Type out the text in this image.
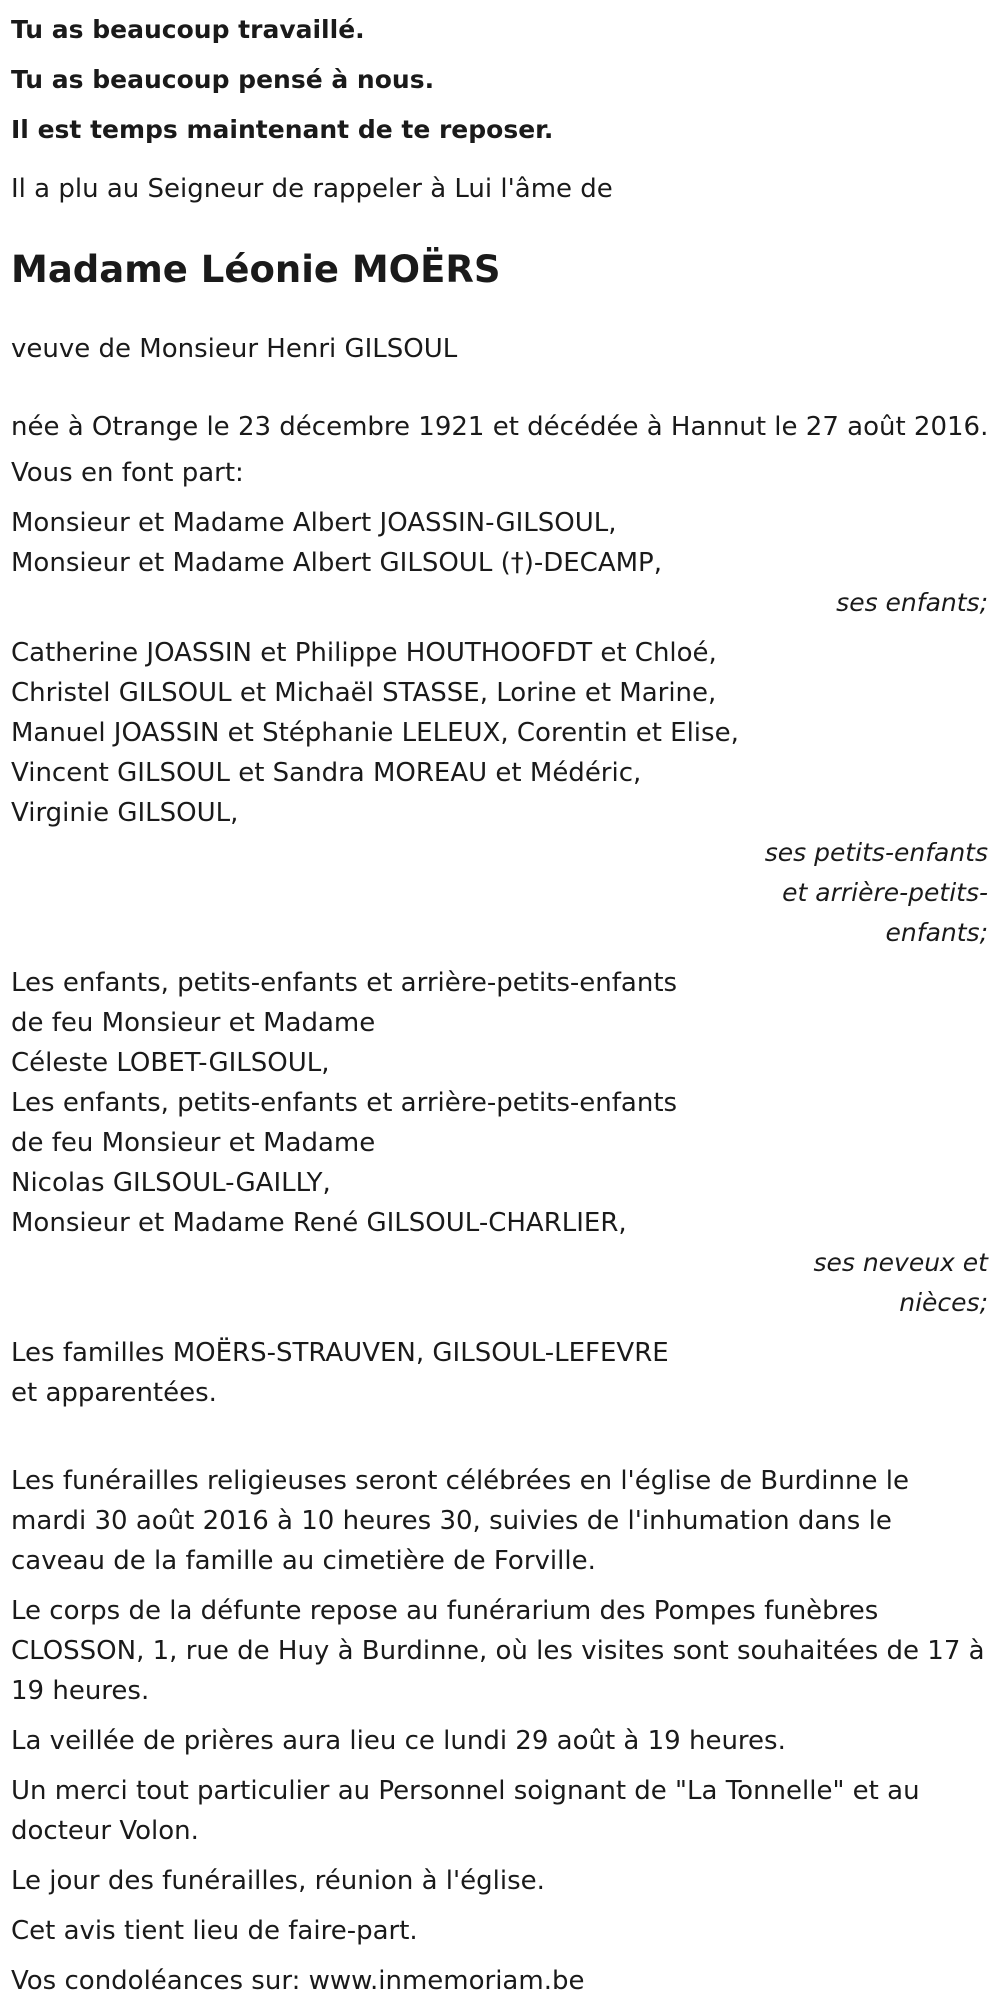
Tu as beaucoup travaillé.
Tu as beaucoup pensé à nous.
Il est temps maintenant de te reposer.
Il a plu au Seigneur de rappeler à Lui l'âme de
Madame Léonie MOËRS
veuve de Monsieur Henri GILSOUL
née à Otrange le 23 décembre 1921 et décédée à Hannut le 27 août 2016.
Vous en font part:
Monsieur et Madame Albert JOASSIN-GILSOUL,
Monsieur et Madame Albert GILSOUL (†)-DECAMP,
ses enfants;
Catherine JOASSIN et Philippe HOUTHOOFDT et Chloé,
Christel GILSOUL et Michaël STASSE, Lorine et Marine,
Manuel JOASSIN et Stéphanie LELEUX, Corentin et Elise,
Vincent GILSOUL et Sandra MOREAU et Médéric,
Virginie GILSOUL,
ses petits-enfants
et arrière-petits-
enfants;
Les enfants, petits-enfants et arrière-petits-enfants
de feu Monsieur et Madame
Céleste LOBET-GILSOUL,
Les enfants, petits-enfants et arrière-petits-enfants
de feu Monsieur et Madame
Nicolas GILSOUL-GAILLY,
Monsieur et Madame René GILSOUL-CHARLIER,
ses neveux et
nièces;
Les familles MOËRS-STRAUVEN, GILSOUL-LEFEVRE
et apparentées.
Les funérailles religieuses seront célébrées en l'église de Burdinne le mardi 30 août 2016 à 10 heures 30, suivies de l'inhumation dans le caveau de la famille au cimetière de Forville.
Le corps de la défunte repose au funérarium des Pompes funèbres CLOSSON, 1, rue de Huy à Burdinne, où les visites sont souhaitées de 17 à 19 heures.
La veillée de prières aura lieu ce lundi 29 août à 19 heures.
Un merci tout particulier au Personnel soignant de "La Tonnelle" et au docteur Volon.
Le jour des funérailles, réunion à l'église.
Cet avis tient lieu de faire-part.
Vos condoléances sur: www.inmemoriam.be
